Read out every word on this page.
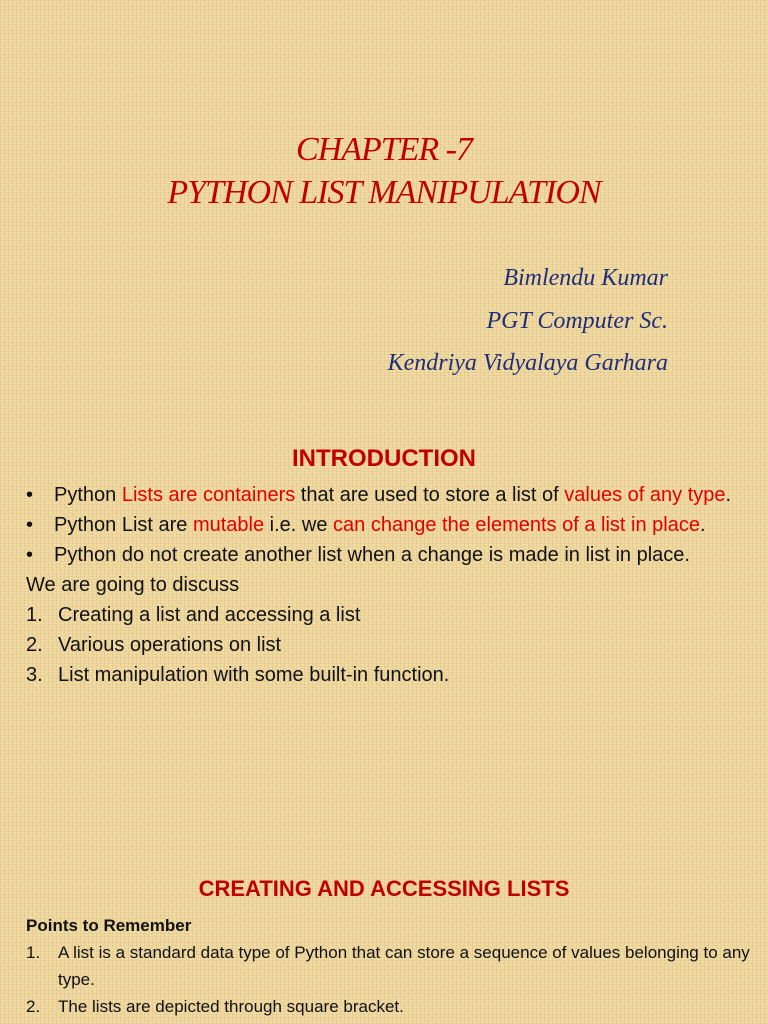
CHAPTER -7
PYTHON LIST MANIPULATION
Bimlendu Kumar
PGT Computer Sc.
Kendriya Vidyalaya Garhara
INTRODUCTION
• Python Lists are containers that are used to store a list of values of any type.
• Python List are mutable i.e. we can change the elements of a list in place.
• Python do not create another list when a change is made in list in place.
We are going to discuss
1. Creating a list and accessing a list
2. Various operations on list
3. List manipulation with some built-in function.
CREATING AND ACCESSING LISTS
Points to Remember
1. A list is a standard data type of Python that can store a sequence of values belonging to any type.
2. The lists are depicted through square bracket.
